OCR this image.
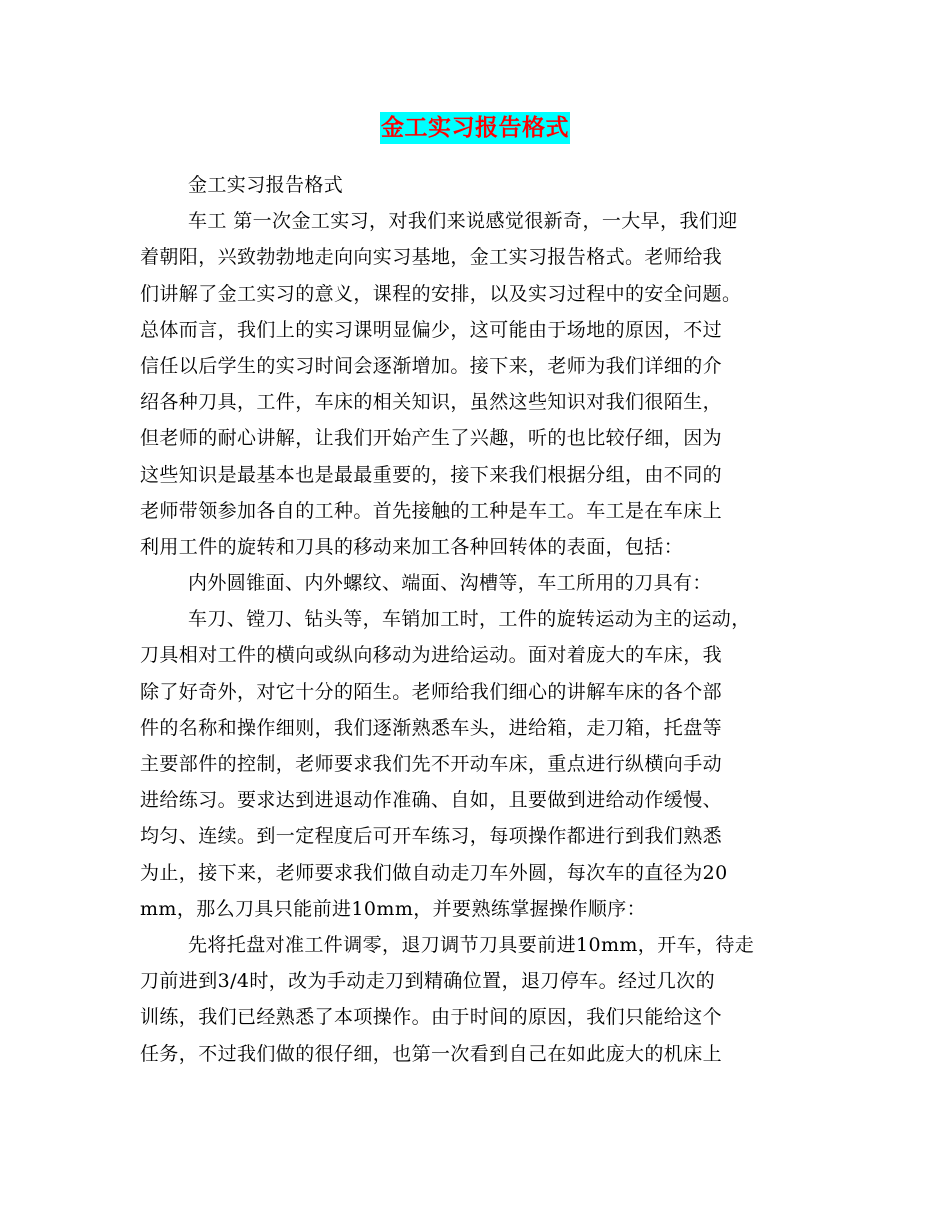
金工实习报告格式
金工实习报告格式
车工 第一次金工实习，对我们来说感觉很新奇，一大早，我们迎
着朝阳，兴致勃勃地走向向实习基地，金工实习报告格式。老师给我
们讲解了金工实习的意义，课程的安排，以及实习过程中的安全问题。
总体而言，我们上的实习课明显偏少，这可能由于场地的原因，不过
信任以后学生的实习时间会逐渐增加。接下来，老师为我们详细的介
绍各种刀具，工件，车床的相关知识，虽然这些知识对我们很陌生，
但老师的耐心讲解，让我们开始产生了兴趣，听的也比较仔细，因为
这些知识是最基本也是最最重要的，接下来我们根据分组，由不同的
老师带领参加各自的工种。首先接触的工种是车工。车工是在车床上
利用工件的旋转和刀具的移动来加工各种回转体的表面，包括：
内外圆锥面、内外螺纹、端面、沟槽等，车工所用的刀具有：
车刀、镗刀、钻头等，车销加工时，工件的旋转运动为主的运动，
刀具相对工件的横向或纵向移动为进给运动。面对着庞大的车床，我
除了好奇外，对它十分的陌生。老师给我们细心的讲解车床的各个部
件的名称和操作细则，我们逐渐熟悉车头，进给箱，走刀箱，托盘等
主要部件的控制，老师要求我们先不开动车床，重点进行纵横向手动
进给练习。要求达到进退动作准确、自如，且要做到进给动作缓慢、
均匀、连续。到一定程度后可开车练习，每项操作都进行到我们熟悉
为止，接下来，老师要求我们做自动走刀车外圆，每次车的直径为20
mm，那么刀具只能前进10mm，并要熟练掌握操作顺序：
先将托盘对准工件调零，退刀调节刀具要前进10mm，开车，待走
刀前进到3/4时，改为手动走刀到精确位置，退刀停车。经过几次的
训练，我们已经熟悉了本项操作。由于时间的原因，我们只能给这个
任务，不过我们做的很仔细，也第一次看到自己在如此庞大的机床上
